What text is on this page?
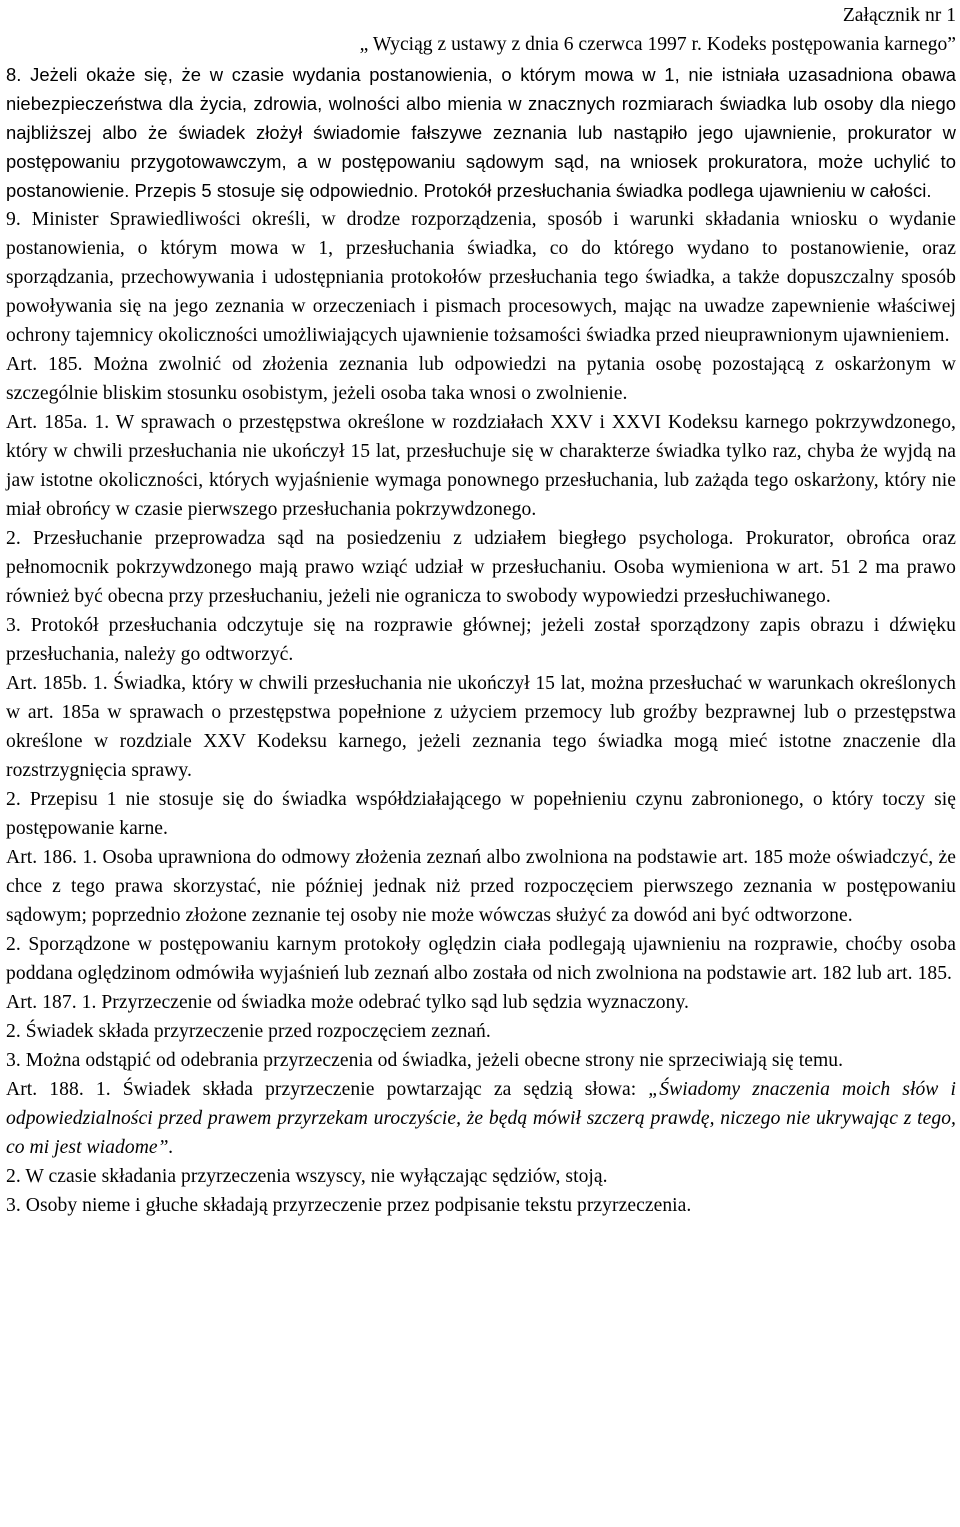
Załącznik nr 1
„ Wyciąg z ustawy z dnia 6 czerwca 1997 r. Kodeks postępowania karnego”

8. Jeżeli okaże się, że w czasie wydania postanowienia, o którym mowa w 1, nie istniała uzasadniona obawa niebezpieczeństwa dla życia, zdrowia, wolności albo mienia w znacznych rozmiarach świadka lub osoby dla niego najbliższej albo że świadek złożył świadomie fałszywe zeznania lub nastąpiło jego ujawnienie, prokurator w postępowaniu przygotowawczym, a w postępowaniu sądowym sąd, na wniosek prokuratora, może uchylić to postanowienie. Przepis 5 stosuje się odpowiednio. Protokół przesłuchania świadka podlega ujawnieniu w całości.

9. Minister Sprawiedliwości określi, w drodze rozporządzenia, sposób i warunki składania wniosku o wydanie postanowienia, o którym mowa w 1, przesłuchania świadka, co do którego wydano to postanowienie, oraz sporządzania, przechowywania i udostępniania protokołów przesłuchania tego świadka, a także dopuszczalny sposób powoływania się na jego zeznania w orzeczeniach i pismach procesowych, mając na uwadze zapewnienie właściwej ochrony tajemnicy okoliczności umożliwiających ujawnienie tożsamości świadka przed nieuprawnionym ujawnieniem.

Art. 185. Można zwolnić od złożenia zeznania lub odpowiedzi na pytania osobę pozostającą z oskarżonym w szczególnie bliskim stosunku osobistym, jeżeli osoba taka wnosi o zwolnienie.

Art. 185a. 1. W sprawach o przestępstwa określone w rozdziałach XXV i XXVI Kodeksu karnego pokrzywdzonego, który w chwili przesłuchania nie ukończył 15 lat, przesłuchuje się w charakterze świadka tylko raz, chyba że wyjdą na jaw istotne okoliczności, których wyjaśnienie wymaga ponownego przesłuchania, lub zażąda tego oskarżony, który nie miał obrońcy w czasie pierwszego przesłuchania pokrzywdzonego.

2. Przesłuchanie przeprowadza sąd na posiedzeniu z udziałem biegłego psychologa. Prokurator, obrońca oraz pełnomocnik pokrzywdzonego mają prawo wziąć udział w przesłuchaniu. Osoba wymieniona w art. 51 2 ma prawo również być obecna przy przesłuchaniu, jeżeli nie ogranicza to swobody wypowiedzi przesłuchiwanego.

3. Protokół przesłuchania odczytuje się na rozprawie głównej; jeżeli został sporządzony zapis obrazu i dźwięku przesłuchania, należy go odtworzyć.

Art. 185b. 1. Świadka, który w chwili przesłuchania nie ukończył 15 lat, można przesłuchać w warunkach określonych w art. 185a w sprawach o przestępstwa popełnione z użyciem przemocy lub groźby bezprawnej lub o przestępstwa określone w rozdziale XXV Kodeksu karnego, jeżeli zeznania tego świadka mogą mieć istotne znaczenie dla rozstrzygnięcia sprawy.

2. Przepisu 1 nie stosuje się do świadka współdziałającego w popełnieniu czynu zabronionego, o który toczy się postępowanie karne.

Art. 186. 1. Osoba uprawniona do odmowy złożenia zeznań albo zwolniona na podstawie art. 185 może oświadczyć, że chce z tego prawa skorzystać, nie później jednak niż przed rozpoczęciem pierwszego zeznania w postępowaniu sądowym; poprzednio złożone zeznanie tej osoby nie może wówczas służyć za dowód ani być odtworzone.

2. Sporządzone w postępowaniu karnym protokoły oględzin ciała podlegają ujawnieniu na rozprawie, choćby osoba poddana oględzinom odmówiła wyjaśnień lub zeznań albo została od nich zwolniona na podstawie art. 182 lub art. 185.

Art. 187. 1. Przyrzeczenie od świadka może odebrać tylko sąd lub sędzia wyznaczony.

2. Świadek składa przyrzeczenie przed rozpoczęciem zeznań.

3. Można odstąpić od odebrania przyrzeczenia od świadka, jeżeli obecne strony nie sprzeciwiają się temu.

Art. 188. 1. Świadek składa przyrzeczenie powtarzając za sędzią słowa: „Świadomy znaczenia moich słów i odpowiedzialności przed prawem przyrzekam uroczyście, że będą mówił szczerą prawdę, niczego nie ukrywając z tego, co mi jest wiadome”.

2. W czasie składania przyrzeczenia wszyscy, nie wyłączając sędziów, stoją.

3. Osoby nieme i głuche składają przyrzeczenie przez podpisanie tekstu przyrzeczenia.
